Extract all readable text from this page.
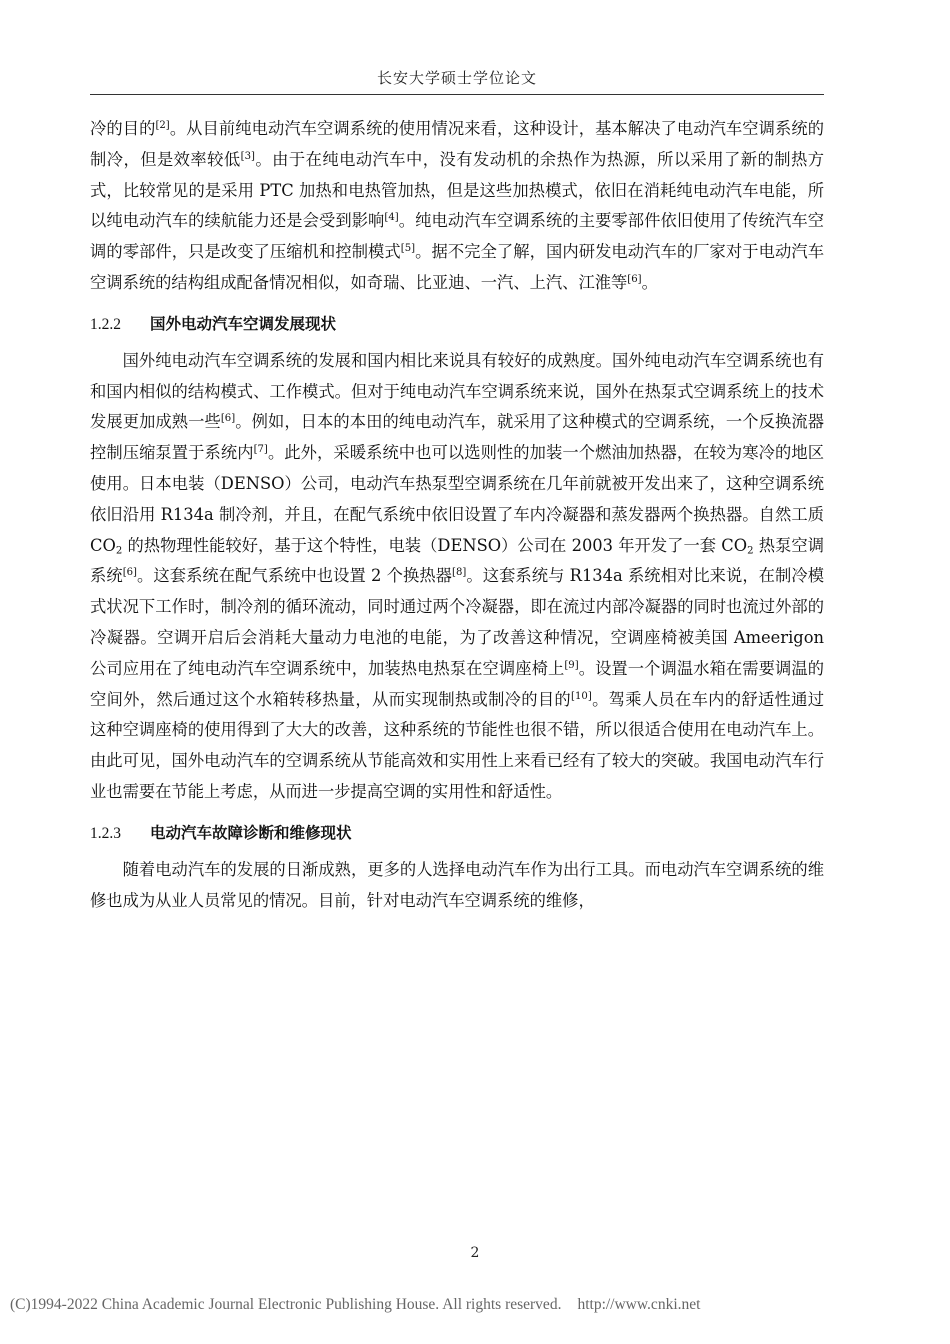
长安大学硕士学位论文

冷的目的[2]。从目前纯电动汽车空调系统的使用情况来看，这种设计，基本解决了电动汽车空调系统的制冷，但是效率较低[3]。由于在纯电动汽车中，没有发动机的余热作为热源，所以采用了新的制热方式，比较常见的是采用 PTC 加热和电热管加热，但是这些加热模式，依旧在消耗纯电动汽车电能，所以纯电动汽车的续航能力还是会受到影响[4]。纯电动汽车空调系统的主要零部件依旧使用了传统汽车空调的零部件，只是改变了压缩机和控制模式[5]。据不完全了解，国内研发电动汽车的厂家对于电动汽车空调系统的结构组成配备情况相似，如奇瑞、比亚迪、一汽、上汽、江淮等[6]。

1.2.2 国外电动汽车空调发展现状

国外纯电动汽车空调系统的发展和国内相比来说具有较好的成熟度。国外纯电动汽车空调系统也有和国内相似的结构模式、工作模式。但对于纯电动汽车空调系统来说，国外在热泵式空调系统上的技术发展更加成熟一些[6]。例如，日本的本田的纯电动汽车，就采用了这种模式的空调系统，一个反换流器控制压缩泵置于系统内[7]。此外，采暖系统中也可以选则性的加装一个燃油加热器，在较为寒冷的地区使用。日本电装（DENSO）公司，电动汽车热泵型空调系统在几年前就被开发出来了，这种空调系统依旧沿用 R134a 制冷剂，并且，在配气系统中依旧设置了车内冷凝器和蒸发器两个换热器。自然工质 $CO_2$ 的热物理性能较好，基于这个特性，电装（DENSO）公司在 2003 年开发了一套 $CO_2$ 热泵空调系统[6]。这套系统在配气系统中也设置 2 个换热器[8]。这套系统与 R134a 系统相对比来说，在制冷模式状况下工作时，制冷剂的循环流动，同时通过两个冷凝器，即在流过内部冷凝器的同时也流过外部的冷凝器。空调开启后会消耗大量动力电池的电能，为了改善这种情况，空调座椅被美国 Ameerigon 公司应用在了纯电动汽车空调系统中，加装热电热泵在空调座椅上[9]。设置一个调温水箱在需要调温的空间外，然后通过这个水箱转移热量，从而实现制热或制冷的目的[10]。驾乘人员在车内的舒适性通过这种空调座椅的使用得到了大大的改善，这种系统的节能性也很不错，所以很适合使用在电动汽车上。由此可见，国外电动汽车的空调系统从节能高效和实用性上来看已经有了较大的突破。我国电动汽车行业也需要在节能上考虑，从而进一步提高空调的实用性和舒适性。

1.2.3 电动汽车故障诊断和维修现状

随着电动汽车的发展的日渐成熟，更多的人选择电动汽车作为出行工具。而电动汽车空调系统的维修也成为从业人员常见的情况。目前，针对电动汽车空调系统的维修，

2
(C)1994-2022 China Academic Journal Electronic Publishing House. All rights reserved. http://www.cnki.net
